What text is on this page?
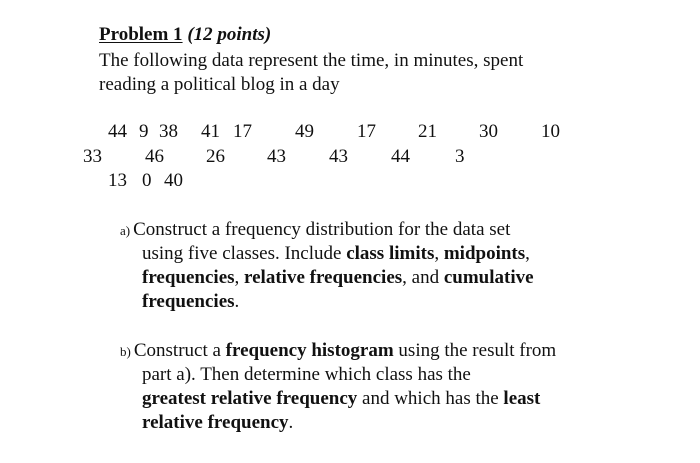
Problem 1 (12 points)
The following data represent the time, in minutes, spent
reading a political blog in a day
44 9 38 41 17 49 17 21 30 10
33 46 26 43 43 44 3
13 0 40
a) Construct a frequency distribution for the data set
using five classes. Include class limits, midpoints,
frequencies, relative frequencies, and cumulative
frequencies.
b) Construct a frequency histogram using the result from
part a). Then determine which class has the
greatest relative frequency and which has the least
relative frequency.
